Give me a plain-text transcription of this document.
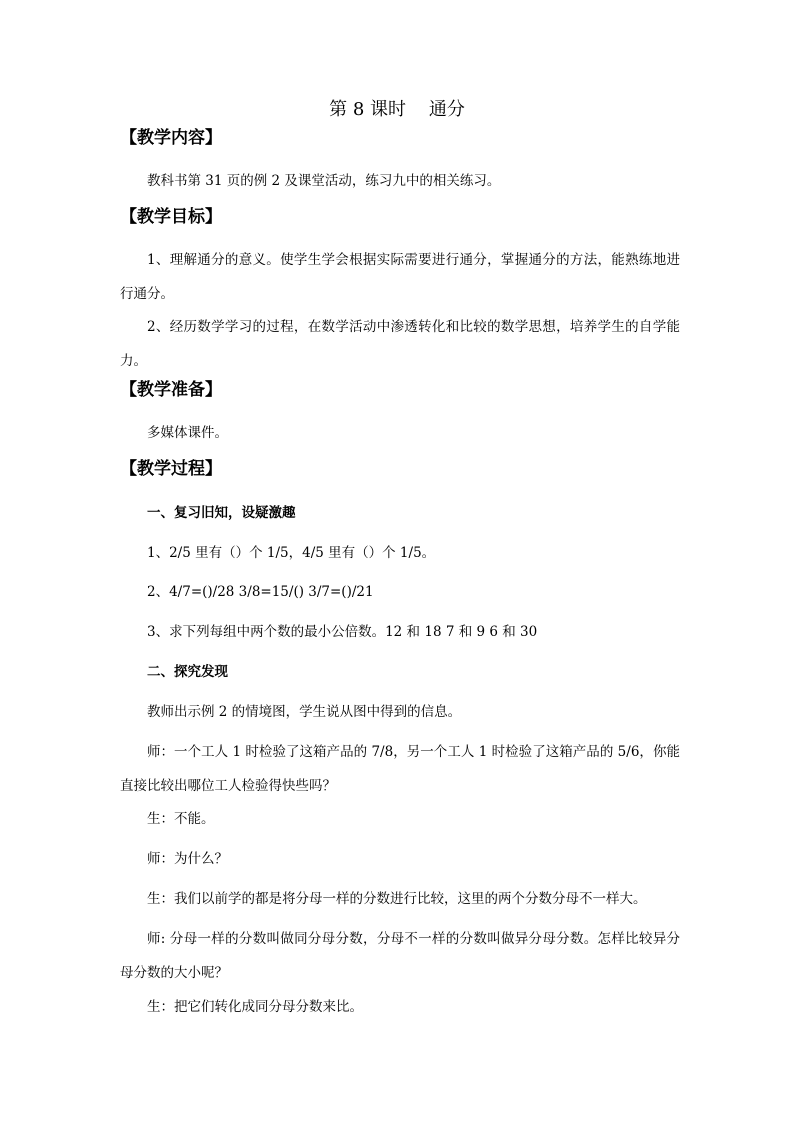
第 8 课时    通分
【教学内容】
教科书第 31 页的例 2 及课堂活动，练习九中的相关练习。
【教学目标】
1、理解通分的意义。使学生学会根据实际需要进行通分，掌握通分的方法，能熟练地进行通分。
2、经历数学学习的过程，在数学活动中渗透转化和比较的数学思想，培养学生的自学能力。
【教学准备】
多媒体课件。
【教学过程】
一、复习旧知，设疑激趣
1、2/5 里有（）个 1/5，4/5 里有（）个 1/5。
2、4/7=()/28 3/8=15/() 3/7=()/21
3、求下列每组中两个数的最小公倍数。12 和 18 7 和 9 6 和 30
二、探究发现
教师出示例 2 的情境图，学生说从图中得到的信息。
师：一个工人 1 时检验了这箱产品的 7/8，另一个工人 1 时检验了这箱产品的 5/6，你能直接比较出哪位工人检验得快些吗？
生：不能。
师：为什么？
生：我们以前学的都是将分母一样的分数进行比较，这里的两个分数分母不一样大。
师: 分母一样的分数叫做同分母分数，分母不一样的分数叫做异分母分数。怎样比较异分母分数的大小呢？
生：把它们转化成同分母分数来比。
